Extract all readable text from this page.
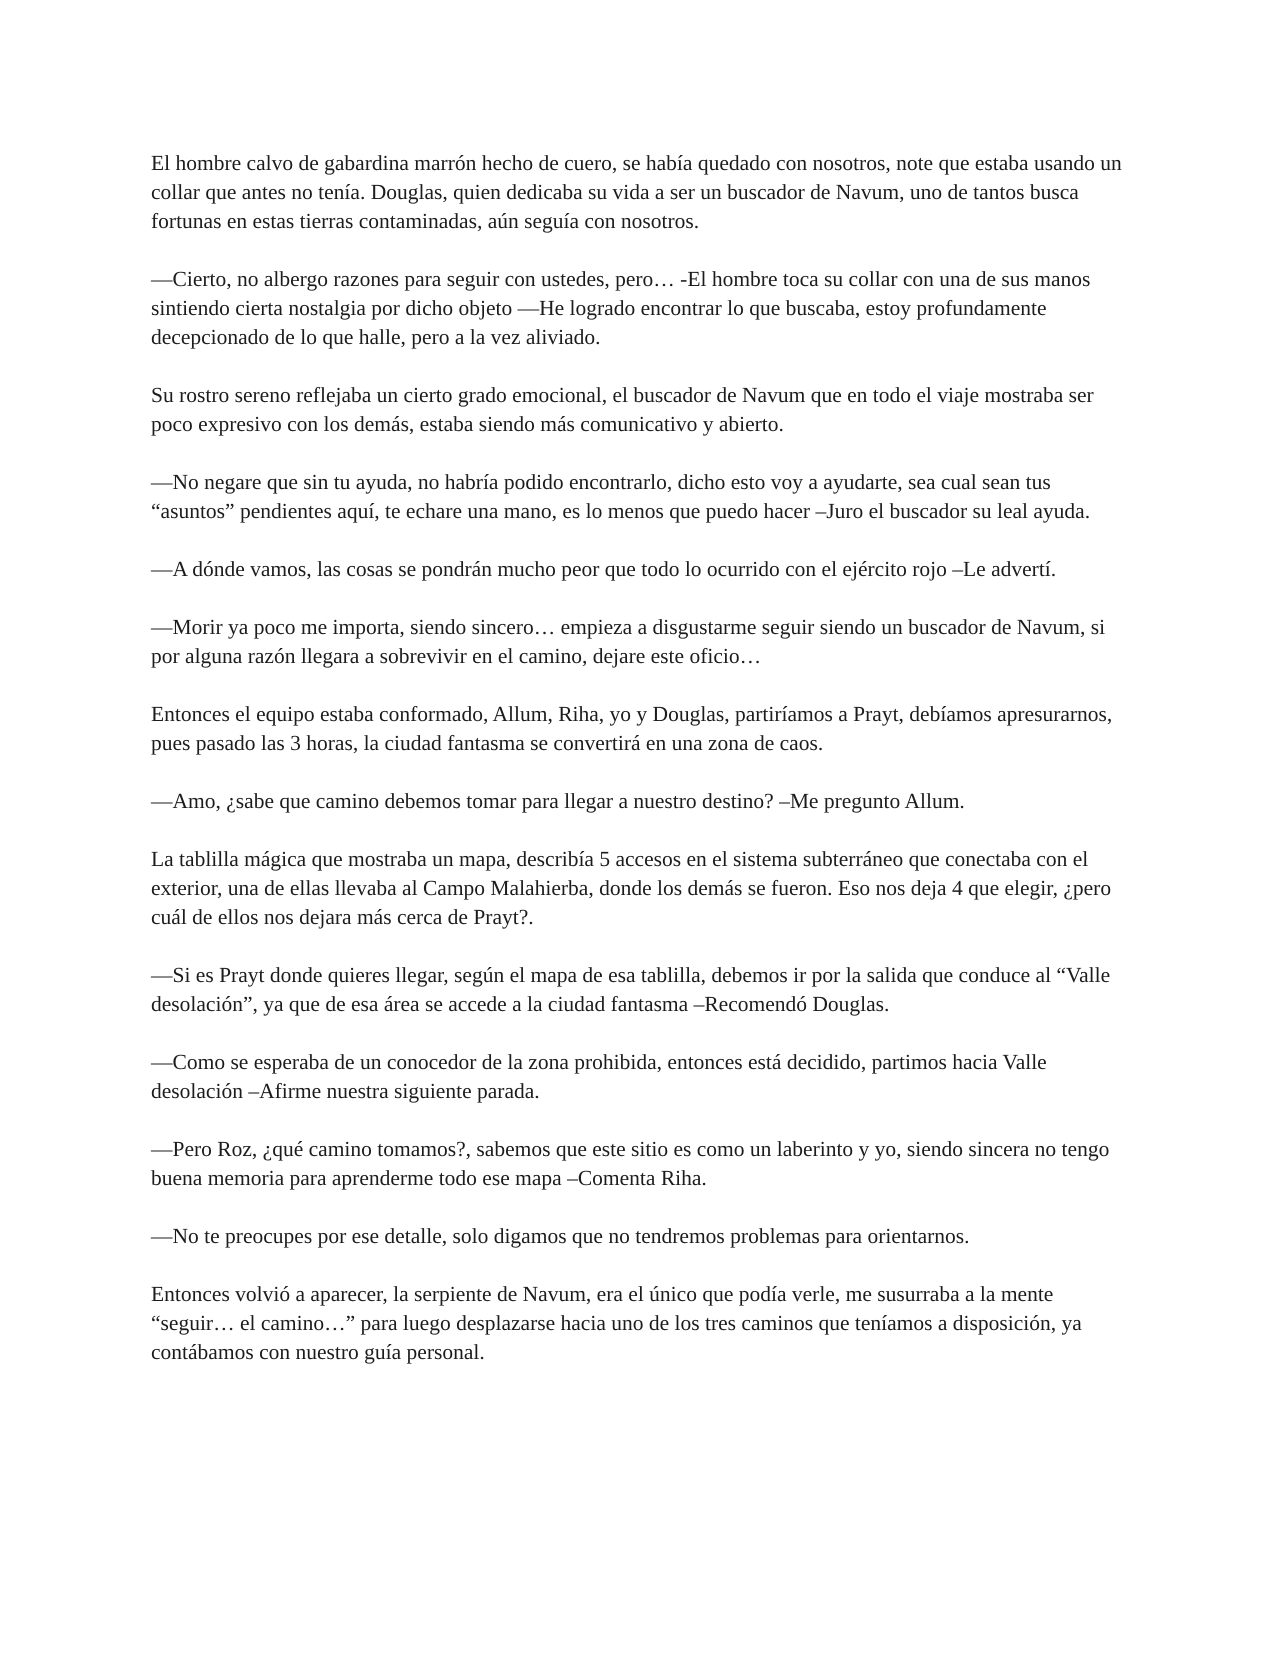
El hombre calvo de gabardina marrón hecho de cuero, se había quedado con nosotros, note que estaba usando un collar que antes no tenía. Douglas, quien dedicaba su vida a ser un buscador de Navum, uno de tantos busca fortunas en estas tierras contaminadas, aún seguía con nosotros.

—Cierto, no albergo razones para seguir con ustedes, pero… -El hombre toca su collar con una de sus manos sintiendo cierta nostalgia por dicho objeto —He logrado encontrar lo que buscaba, estoy profundamente decepcionado de lo que halle, pero a la vez aliviado.

Su rostro sereno reflejaba un cierto grado emocional, el buscador de Navum que en todo el viaje mostraba ser poco expresivo con los demás, estaba siendo más comunicativo y abierto.

—No negare que sin tu ayuda, no habría podido encontrarlo, dicho esto voy a ayudarte, sea cual sean tus “asuntos” pendientes aquí, te echare una mano, es lo menos que puedo hacer –Juro el buscador su leal ayuda.

—A dónde vamos, las cosas se pondrán mucho peor que todo lo ocurrido con el ejército rojo –Le advertí.

—Morir ya poco me importa, siendo sincero… empieza a disgustarme seguir siendo un buscador de Navum, si por alguna razón llegara a sobrevivir en el camino, dejare este oficio…

Entonces el equipo estaba conformado, Allum, Riha, yo y Douglas, partiríamos a Prayt, debíamos apresurarnos, pues pasado las 3 horas, la ciudad fantasma se convertirá en una zona de caos.

—Amo, ¿sabe que camino debemos tomar para llegar a nuestro destino? –Me pregunto Allum.

La tablilla mágica que mostraba un mapa, describía 5 accesos en el sistema subterráneo que conectaba con el exterior, una de ellas llevaba al Campo Malahierba, donde los demás se fueron. Eso nos deja 4 que elegir, ¿pero cuál de ellos nos dejara más cerca de Prayt?.

—Si es Prayt donde quieres llegar, según el mapa de esa tablilla, debemos ir por la salida que conduce al “Valle desolación”, ya que de esa área se accede a la ciudad fantasma –Recomendó Douglas.

—Como se esperaba de un conocedor de la zona prohibida, entonces está decidido, partimos hacia Valle desolación –Afirme nuestra siguiente parada.

—Pero Roz, ¿qué camino tomamos?, sabemos que este sitio es como un laberinto y yo, siendo sincera no tengo buena memoria para aprenderme todo ese mapa –Comenta Riha.

—No te preocupes por ese detalle, solo digamos que no tendremos problemas para orientarnos.

Entonces volvió a aparecer, la serpiente de Navum, era el único que podía verle, me susurraba a la mente “seguir… el camino…” para luego desplazarse hacia uno de los tres caminos que teníamos a disposición, ya contábamos con nuestro guía personal.
